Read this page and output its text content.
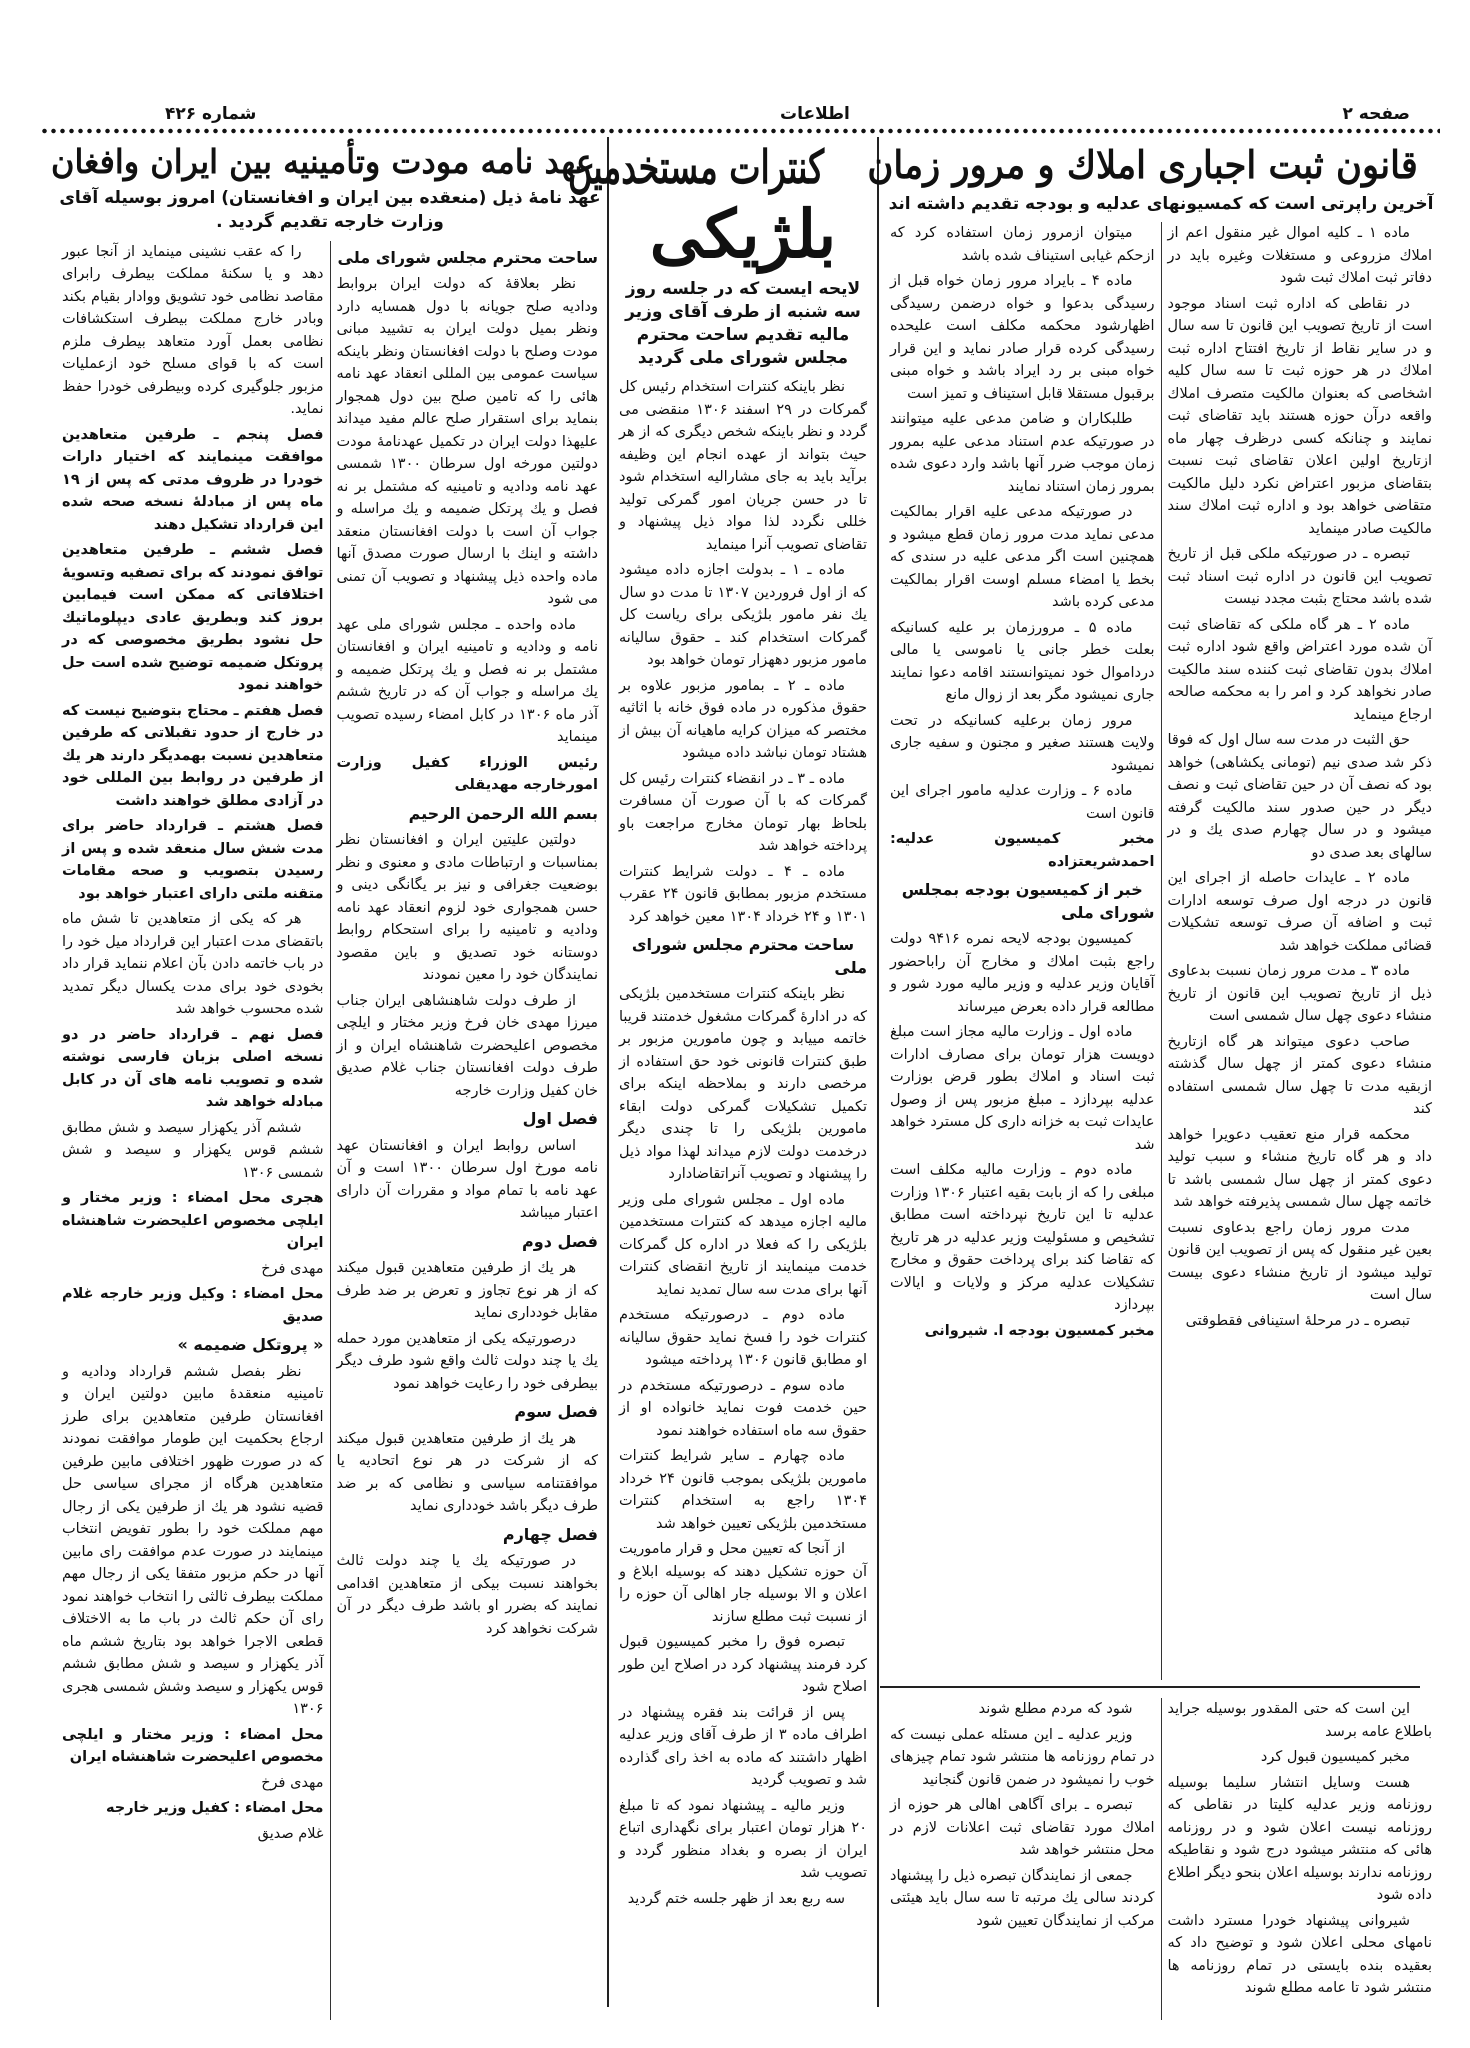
صفحه ۲
اطلاعات
شماره ۴۲۶
قانون ثبت اجباری املاك و مرور زمان
آخرین راپرتی است که کمسیونهای عدلیه و بودجه تقدیم داشته اند

ماده ۱ ـ کلیه اموال غیر منقول اعم از املاك مزروعی و مستغلات وغیره باید در دفاتر ثبت املاك ثبت شود

در نقاطی که اداره ثبت اسناد موجود است از تاریخ تصویب این قانون تا سه سال و در سایر نقاط از تاریخ افتتاح اداره ثبت املاك در هر حوزه ثبت تا سه سال کلیه اشخاصی که بعنوان مالکیت متصرف املاك واقعه درآن حوزه هستند باید تقاضای ثبت نمایند و چنانکه کسی درظرف چهار ماه ازتاریخ اولین اعلان تقاضای ثبت نسبت بتقاضای مزبور اعتراض نکرد دلیل مالکیت متقاضی خواهد بود و اداره ثبت املاك سند مالکیت صادر مینماید

تبصره ـ در صورتیکه ملکی قبل از تاریخ تصویب این قانون در اداره ثبت اسناد ثبت شده باشد محتاج بثبت مجدد نیست

ماده ۲ ـ هر گاه ملکی که تقاضای ثبت آن شده مورد اعتراض واقع شود اداره ثبت املاك بدون تقاضای ثبت کننده سند مالکیت صادر نخواهد کرد و امر را به محکمه صالحه ارجاع مینماید

حق الثبت در مدت سه سال اول که فوقا ذکر شد صدی نیم (تومانی یکشاهی) خواهد بود که نصف آن در حین تقاضای ثبت و نصف دیگر در حین صدور سند مالکیت گرفته میشود و در سال چهارم صدی یك و در سالهای بعد صدی دو

ماده ۲ ـ عایدات حاصله از اجرای این قانون در درجه اول صرف توسعه ادارات ثبت و اضافه آن صرف توسعه تشکیلات قضائی مملکت خواهد شد

ماده ۳ ـ مدت مرور زمان نسبت بدعاوی ذیل از تاریخ تصویب این قانون از تاریخ منشاء دعوی چهل سال شمسی است

صاحب دعوی میتواند هر گاه ازتاریخ منشاء دعوی کمتر از چهل سال گذشته ازبقیه مدت تا چهل سال شمسی استفاده کند

محکمه قرار منع تعقیب دعویرا خواهد داد و هر گاه تاریخ منشاء و سبب تولید دعوی کمتر از چهل سال شمسی باشد تا خاتمه چهل سال شمسی پذیرفته خواهد شد

مدت مرور زمان راجع بدعاوی نسبت بعین غیر منقول که پس از تصویب این قانون تولید میشود از تاریخ منشاء دعوی بیست سال است

تبصره ـ در مرحلهٔ استینافی فقطوقتی

میتوان ازمرور زمان استفاده کرد که ازحکم غیابی استیناف شده باشد

ماده ۴ ـ بایراد مرور زمان خواه قبل از رسیدگی بدعوا و خواه درضمن رسیدگی اظهارشود محکمه مکلف است علیحده رسیدگی کرده قرار صادر نماید و این قرار خواه مبنی بر رد ایراد باشد و خواه مبنی برقبول مستقلا قابل استیناف و تمیز است

طلبکاران و ضامن مدعی علیه میتوانند در صورتیکه عدم استناد مدعی علیه بمرور زمان موجب ضرر آنها باشد وارد دعوی شده بمرور زمان استناد نمایند

در صورتیکه مدعی علیه اقرار بمالکیت مدعی نماید مدت مرور زمان قطع میشود و همچنین است اگر مدعی علیه در سندی که بخط یا امضاء مسلم اوست اقرار بمالکیت مدعی کرده باشد

ماده ۵ ـ مرورزمان بر علیه کسانیکه بعلت خطر جانی یا ناموسی یا مالی درداموال خود نمیتوانستند اقامه دعوا نمایند جاری نمیشود مگر بعد از زوال مانع

مرور زمان برعلیه کسانیکه در تحت ولایت هستند صغیر و مجنون و سفیه جاری نمیشود

ماده ۶ ـ وزارت عدلیه مامور اجرای این قانون است

مخبر کمیسیون عدلیه: احمدشریعتزاده

خبر از کمیسیون بودجه بمجلس شورای ملی

کمیسیون بودجه لایحه نمره ۹۴۱۶ دولت راجع بثبت املاك و مخارج آن راباحضور آقایان وزیر عدلیه و وزیر مالیه مورد شور و مطالعه قرار داده بعرض میرساند

ماده اول ـ وزارت مالیه مجاز است مبلغ دویست هزار تومان برای مصارف ادارات ثبت اسناد و املاك بطور قرض بوزارت عدلیه بپردازد ـ مبلغ مزبور پس از وصول عایدات ثبت به خزانه داری کل مسترد خواهد شد

ماده دوم ـ وزارت مالیه مکلف است مبلغی را که از بابت بقیه اعتبار ۱۳۰۶ وزارت عدلیه تا این تاریخ نپرداخته است مطابق تشخیص و مسئولیت وزیر عدلیه در هر تاریخ که تقاضا کند برای پرداخت حقوق و مخارج تشکیلات عدلیه مرکز و ولایات و ایالات بپردازد

مخبر کمسیون بودجه ا. شیروانی

این است که حتی المقدور بوسیله جراید باطلاع عامه برسد

مخبر کمیسیون قبول کرد

هست وسایل انتشار سلیما بوسیله روزنامه وزیر عدلیه کلیتا در نقاطی که روزنامه نیست اعلان شود و در روزنامه هائی که منتشر میشود درج شود و نقاطیکه روزنامه ندارند بوسیله اعلان بنحو دیگر اطلاع داده شود

شیروانی پیشنهاد خودرا مسترد داشت نامهای محلی اعلان شود و توضیح داد که بعقیده بنده بایستی در تمام روزنامه ها منتشر شود تا عامه مطلع شوند

شود که مردم مطلع شوند

وزیر عدلیه ـ این مسئله عملی نیست که در تمام روزنامه ها منتشر شود تمام چیزهای خوب را نمیشود در ضمن قانون گنجانید

تبصره ـ برای آگاهی اهالی هر حوزه از املاك مورد تقاضای ثبت اعلانات لازم در محل منتشر خواهد شد

جمعی از نمایندگان تبصره ذیل را پیشنهاد کردند سالی یك مرتبه تا سه سال باید هیئتی مرکب از نمایندگان تعیین شود

کنترات مستخدمین
بلژیکی
لایحه ایست که در جلسه روز سه شنبه از طرف آقای وزیر مالیه تقدیم ساحت محترم مجلس شورای ملی گردید

نظر باینکه کنترات استخدام رئیس کل گمرکات در ۲۹ اسفند ۱۳۰۶ منقضی می گردد و نظر باینکه شخص دیگری که از هر حیث بتواند از عهده انجام این وظیفه برآید باید به جای مشارالیه استخدام شود تا در حسن جریان امور گمرکی تولید خللی نگردد لذا مواد ذیل پیشنهاد و تقاضای تصویب آنرا مینماید

ماده ـ ۱ ـ بدولت اجازه داده میشود که از اول فروردین ۱۳۰۷ تا مدت دو سال یك نفر مامور بلژیکی برای ریاست کل گمرکات استخدام کند ـ حقوق سالیانه مامور مزبور دههزار تومان خواهد بود

ماده ـ ۲ ـ بمامور مزبور علاوه بر حقوق مذکوره در ماده فوق خانه با اثاثیه مختصر که میزان کرایه ماهیانه آن بیش از هشتاد تومان نباشد داده میشود

ماده ـ ۳ ـ در انقضاء کنترات رئیس کل گمرکات که با آن صورت آن مسافرت بلحاظ بهار تومان مخارج مراجعت باو پرداخته خواهد شد

ماده ـ ۴ ـ دولت شرایط کنترات مستخدم مزبور بمطابق قانون ۲۴ عقرب ۱۳۰۱ و ۲۴ خرداد ۱۳۰۴ معین خواهد کرد

ساحت محترم مجلس شورای ملی

نظر باینکه کنترات مستخدمین بلژیکی که در ادارهٔ گمرکات مشغول خدمتند قریبا خاتمه مییابد و چون مامورین مزبور بر طبق کنترات قانونی خود حق استفاده از مرخصی دارند و بملاحظه اینکه برای تکمیل تشکیلات گمرکی دولت ابقاء مامورین بلژیکی را تا چندی دیگر درخدمت دولت لازم میداند لهذا مواد ذیل را پیشنهاد و تصویب آنراتقاضادارد

ماده اول ـ مجلس شورای ملی وزیر مالیه اجازه میدهد که کنترات مستخدمین بلژیکی را که فعلا در اداره کل گمرکات خدمت مینمایند از تاریخ انقضای کنترات آنها برای مدت سه سال تمدید نماید

ماده دوم ـ درصورتیکه مستخدم کنترات خود را فسخ نماید حقوق سالیانه او مطابق قانون ۱۳۰۶ پرداخته میشود

ماده سوم ـ درصورتیکه مستخدم در حین خدمت فوت نماید خانواده او از حقوق سه ماه استفاده خواهند نمود

ماده چهارم ـ سایر شرایط کنترات مامورین بلژیکی بموجب قانون ۲۴ خرداد ۱۳۰۴ راجع به استخدام کنترات مستخدمین بلژیکی تعیین خواهد شد

از آنجا که تعیین محل و قرار ماموریت آن حوزه تشکیل دهند که بوسیله ابلاغ و اعلان و الا بوسیله جار اهالی آن حوزه را از نسبت ثبت مطلع سازند

تبصره فوق را مخبر کمیسیون قبول کرد فرمند پیشنهاد کرد در اصلاح این طور اصلاح شود

پس از قرائت بند فقره پیشنهاد در اطراف ماده ۳ از طرف آقای وزیر عدلیه اظهار داشتند که ماده به اخذ رای گذارده شد و تصویب گردید

وزیر مالیه ـ پیشنهاد نمود که تا مبلغ ۲۰ هزار تومان اعتبار برای نگهداری اتباع ایران از بصره و بغداد منظور گردد و تصویب شد

سه ربع بعد از ظهر جلسه ختم گردید

عهد نامه مودت وتأمینیه بین ایران وافغان
عهد نامهٔ ذیل (منعقده بین ایران و افغانستان) امروز بوسیله آقای وزارت خارجه تقدیم گردید .
ساحت محترم مجلس شورای ملی

نظر بعلاقهٔ که دولت ایران بروابط ودادیه صلح جویانه با دول همسایه دارد ونظر بمیل دولت ایران به تشیید مبانی مودت وصلح با دولت افغانستان ونظر باینکه سیاست عمومی بین المللی انعقاد عهد نامه هائی را که تامین صلح بین دول همجوار بنماید برای استقرار صلح عالم مفید میداند علیهذا دولت ایران در تکمیل عهدنامهٔ مودت دولتین مورخه اول سرطان ۱۳۰۰ شمسی عهد نامه وداديه و تامینیه که مشتمل بر نه فصل و یك پرتکل ضمیمه و یك مراسله و جواب آن است با دولت افغانستان منعقد داشته و اینك با ارسال صورت مصدق آنها ماده واحده ذیل پیشنهاد و تصویب آن تمنی می شود

ماده واحده ـ مجلس شورای ملی عهد نامه و وداديه و تامینیه ایران و افغانستان مشتمل بر نه فصل و یك پرتکل ضمیمه و یك مراسله و جواب آن که در تاریخ ششم آذر ماه ۱۳۰۶ در کابل امضاء رسیده تصویب مینماید

رئیس الوزراء کفیل وزارت امورخارجه مهدیقلی

بسم الله الرحمن الرحیم

دولتین علیتین ایران و افغانستان نظر بمناسبات و ارتباطات مادی و معنوی و نظر بوضعیت جغرافی و نیز بر یگانگی دینی و حسن همجواری خود لزوم انعقاد عهد نامه وداديه و تامینیه را برای استحکام روابط دوستانه خود تصدیق و باین مقصود نمایندگان خود را معین نمودند

از طرف دولت شاهنشاهی ایران جناب میرزا مهدی خان فرخ وزیر مختار و ایلچی مخصوص اعلیحضرت شاهنشاه ایران و از طرف دولت افغانستان جناب غلام صدیق خان کفیل وزارت خارجه

فصل اول

اساس روابط ایران و افغانستان عهد نامه مورخ اول سرطان ۱۳۰۰ است و آن عهد نامه با تمام مواد و مقررات آن دارای اعتبار میباشد

فصل دوم

هر یك از طرفین متعاهدین قبول میکند که از هر نوع تجاوز و تعرض بر ضد طرف مقابل خودداری نماید

درصورتیکه یکی از متعاهدین مورد حمله یك یا چند دولت ثالث واقع شود طرف دیگر بیطرفی خود را رعایت خواهد نمود

فصل سوم

هر یك از طرفین متعاهدین قبول میکند که از شرکت در هر نوع اتحادیه یا موافقتنامه سیاسی و نظامی که بر ضد طرف دیگر باشد خودداری نماید

فصل چهارم

در صورتیکه یك یا چند دولت ثالث بخواهند نسبت بیکی از متعاهدین اقدامی نمایند که بضرر او باشد طرف دیگر در آن شرکت نخواهد کرد

را که عقب نشینی مینماید از آنجا عبور دهد و یا سکنهٔ مملکت بیطرف رابرای مقاصد نظامی خود تشویق ووادار بقیام بکند وبادر خارج مملکت بیطرف استکشافات نظامی بعمل آورد متعاهد بیطرف ملزم است که با قوای مسلح خود ازعملیات مزبور جلوگیری کرده وبیطرفی خودرا حفظ نماید.

فصل پنجم ـ طرفین متعاهدین موافقت مینمایند که اختیار دارات خودرا در ظروف مدتی که پس از ۱۹ ماه پس از مبادلهٔ نسخه صحه شده این قرارداد تشکیل دهند

فصل ششم ـ طرفین متعاهدین توافق نمودند که برای تصفیه وتسویهٔ اختلافاتی که ممکن است فیمابین بروز کند وبطریق عادی دیپلوماتیك حل نشود بطریق مخصوصی که در پروتکل ضمیمه توضیح شده است حل خواهند نمود

فصل هفتم ـ محتاج بتوضیح نیست که در خارج از حدود تقبلاتی که طرفین متعاهدین نسبت بهمدیگر دارند هر یك از طرفین در روابط بین المللی خود در آزادی مطلق خواهند داشت

فصل هشتم ـ قرارداد حاضر برای مدت شش سال منعقد شده و پس از رسیدن بتصویب و صحه مقامات متقنه ملتی دارای اعتبار خواهد بود

هر که یکی از متعاهدین تا شش ماه باتقضای مدت اعتبار این قرارداد میل خود را در باب خاتمه دادن بآن اعلام ننماید قرار داد بخودی خود برای مدت یکسال دیگر تمدید شده محسوب خواهد شد

فصل نهم ـ قرارداد حاضر در دو نسخه اصلی بزبان فارسی نوشته شده و تصویب نامه های آن در کابل مبادله خواهد شد

ششم آذر یکهزار سیصد و شش مطابق ششم قوس یکهزار و سیصد و شش شمسی ۱۳۰۶

هجری محل امضاء : وزیر مختار و ایلچی مخصوص اعلیحضرت شاهنشاه ایران

مهدی فرخ

محل امضاء : وکیل وزیر خارجه غلام صدیق

« پروتکل ضمیمه »

نظر بفصل ششم قرارداد وداديه و تامینیه منعقدهٔ مابین دولتین ایران و افغانستان طرفین متعاهدین برای طرز ارجاع بحکمیت این طومار موافقت نمودند که در صورت ظهور اختلافی مابین طرفین متعاهدین هرگاه از مجرای سیاسی حل قضیه نشود هر یك از طرفین یکی از رجال مهم مملکت خود را بطور تفویض انتخاب مینمایند در صورت عدم موافقت رای مابین آنها در حکم مزبور متفقا یکی از رجال مهم مملکت بیطرف ثالثی را انتخاب خواهند نمود رای آن حکم ثالث در باب ما به الاختلاف قطعی الاجرا خواهد بود بتاریخ ششم ماه آذر یکهزار و سیصد و شش مطابق ششم قوس یکهزار و سیصد وشش شمسی هجری ۱۳۰۶

محل امضاء : وزیر مختار و ایلچی مخصوص اعلیحضرت شاهنشاه ایران

مهدی فرخ

محل امضاء : کفیل وزیر خارجه

غلام صدیق
